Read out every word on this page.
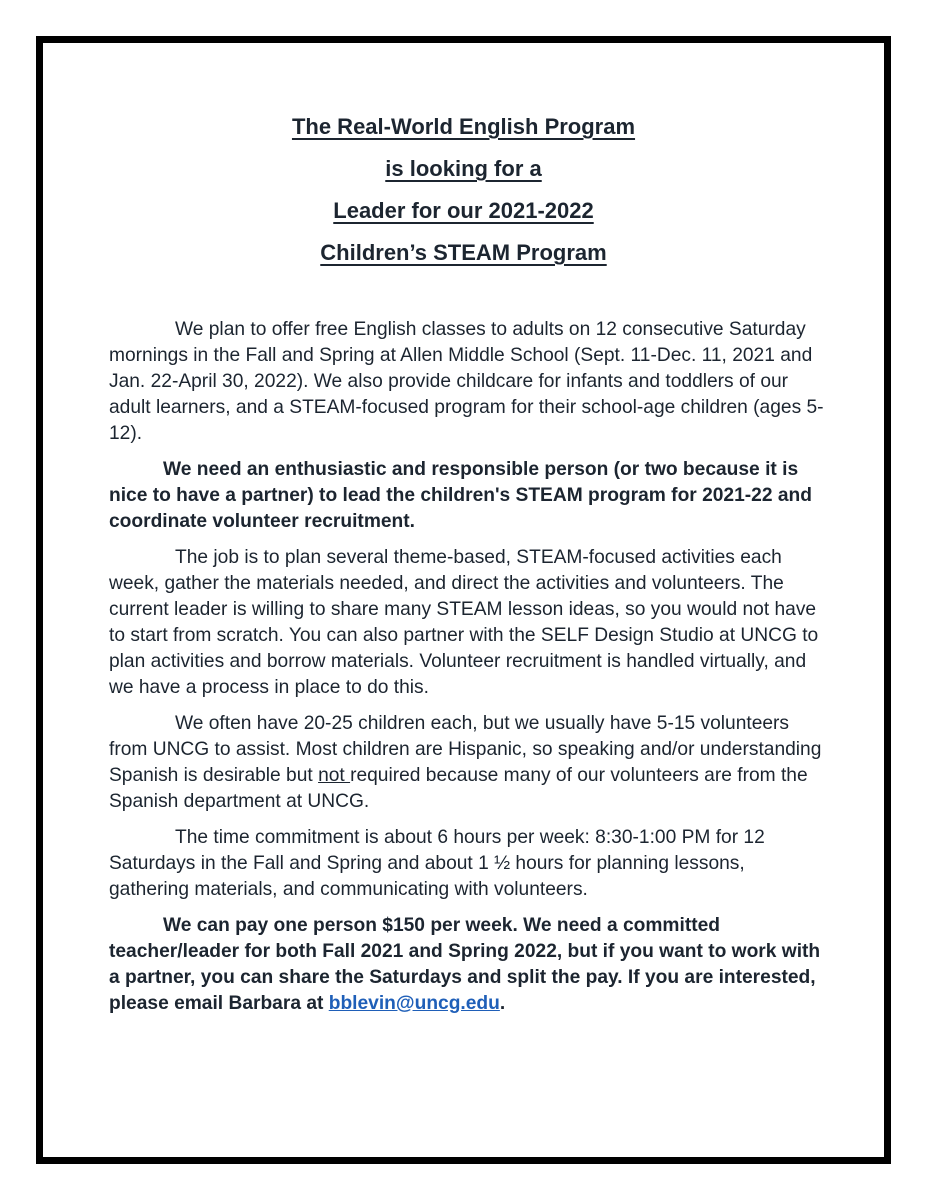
The Real-World English Program
is looking for a
Leader for our 2021-2022
Children’s STEAM Program

We plan to offer free English classes to adults on 12 consecutive Saturday mornings in the Fall and Spring at Allen Middle School (Sept. 11-Dec. 11, 2021 and Jan. 22-April 30, 2022). We also provide childcare for infants and toddlers of our adult learners, and a STEAM-focused program for their school-age children (ages 5-12).

We need an enthusiastic and responsible person (or two because it is nice to have a partner) to lead the children's STEAM program for 2021-22 and coordinate volunteer recruitment.

The job is to plan several theme-based, STEAM-focused activities each week, gather the materials needed, and direct the activities and volunteers. The current leader is willing to share many STEAM lesson ideas, so you would not have to start from scratch. You can also partner with the SELF Design Studio at UNCG to plan activities and borrow materials. Volunteer recruitment is handled virtually, and we have a process in place to do this.

We often have 20-25 children each, but we usually have 5-15 volunteers from UNCG to assist. Most children are Hispanic, so speaking and/or understanding Spanish is desirable but not required because many of our volunteers are from the Spanish department at UNCG.

The time commitment is about 6 hours per week: 8:30-1:00 PM for 12 Saturdays in the Fall and Spring and about 1 ½ hours for planning lessons, gathering materials, and communicating with volunteers.

We can pay one person $150 per week. We need a committed teacher/leader for both Fall 2021 and Spring 2022, but if you want to work with a partner, you can share the Saturdays and split the pay. If you are interested, please email Barbara at bblevin@uncg.edu.
